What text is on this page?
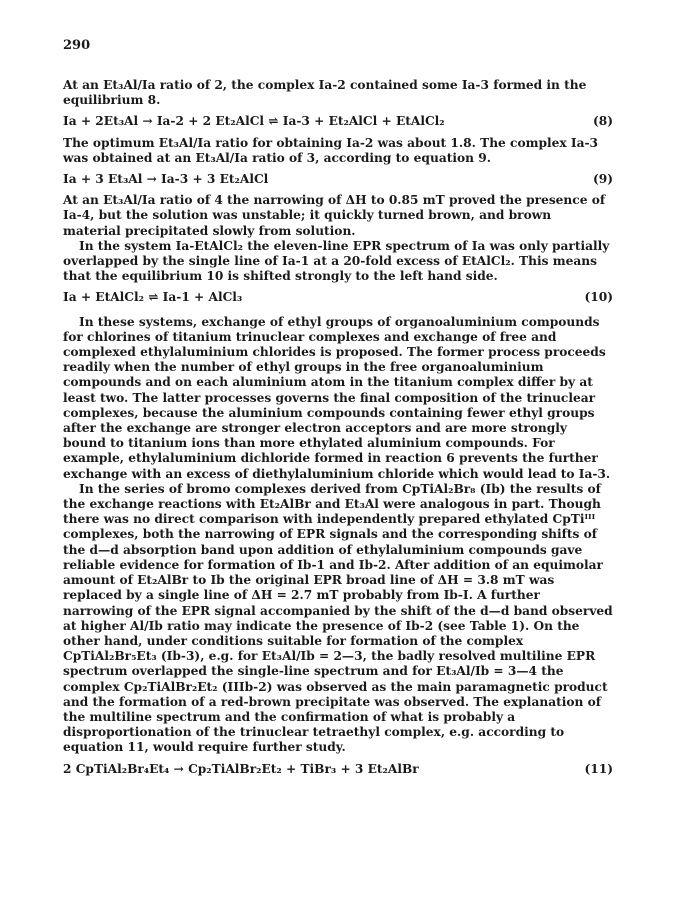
290

At an Et₃Al/Ia ratio of 2, the complex Ia-2 contained some Ia-3 formed in the equilibrium 8.

Ia + 2Et₃Al → Ia-2 + 2 Et₂AlCl ⇌ Ia-3 + Et₂AlCl + EtAlCl₂	(8)

The optimum Et₃Al/Ia ratio for obtaining Ia-2 was about 1.8. The complex Ia-3 was obtained at an Et₃Al/Ia ratio of 3, according to equation 9.

Ia + 3 Et₃Al → Ia-3 + 3 Et₂AlCl	(9)

At an Et₃Al/Ia ratio of 4 the narrowing of ΔH to 0.85 mT proved the presence of Ia-4, but the solution was unstable; it quickly turned brown, and brown material precipitated slowly from solution.

In the system Ia-EtAlCl₂ the eleven-line EPR spectrum of Ia was only partially overlapped by the single line of Ia-1 at a 20-fold excess of EtAlCl₂. This means that the equilibrium 10 is shifted strongly to the left hand side.

Ia + EtAlCl₂ ⇌ Ia-1 + AlCl₃	(10)

In these systems, exchange of ethyl groups of organoaluminium compounds for chlorines of titanium trinuclear complexes and exchange of free and complexed ethylaluminium chlorides is proposed. The former process proceeds readily when the number of ethyl groups in the free organoaluminium compounds and on each aluminium atom in the titanium complex differ by at least two. The latter processes governs the final composition of the trinuclear complexes, because the aluminium compounds containing fewer ethyl groups after the exchange are stronger electron acceptors and are more strongly bound to titanium ions than more ethylated aluminium compounds. For example, ethylaluminium dichloride formed in reaction 6 prevents the further exchange with an excess of diethylaluminium chloride which would lead to Ia-3.

In the series of bromo complexes derived from CpTiAl₂Br₈ (Ib) the results of the exchange reactions with Et₂AlBr and Et₃Al were analogous in part. Though there was no direct comparison with independently prepared ethylated CpTiᴵᴵᴵ complexes, both the narrowing of EPR signals and the corresponding shifts of the d—d absorption band upon addition of ethylaluminium compounds gave reliable evidence for formation of Ib-1 and Ib-2. After addition of an equimolar amount of Et₂AlBr to Ib the original EPR broad line of ΔH = 3.8 mT was replaced by a single line of ΔH = 2.7 mT probably from Ib-I. A further narrowing of the EPR signal accompanied by the shift of the d—d band observed at higher Al/Ib ratio may indicate the presence of Ib-2 (see Table 1). On the other hand, under conditions suitable for formation of the complex CpTiAl₂Br₅Et₃ (Ib-3), e.g. for Et₃Al/Ib = 2—3, the badly resolved multiline EPR spectrum overlapped the single-line spectrum and for Et₃Al/Ib = 3—4 the complex Cp₂TiAlBr₂Et₂ (IIIb-2) was observed as the main paramagnetic product and the formation of a red-brown precipitate was observed. The explanation of the multiline spectrum and the confirmation of what is probably a disproportionation of the trinuclear tetraethyl complex, e.g. according to equation 11, would require further study.

2 CpTiAl₂Br₄Et₄ → Cp₂TiAlBr₂Et₂ + TiBr₃ + 3 Et₂AlBr	(11)
